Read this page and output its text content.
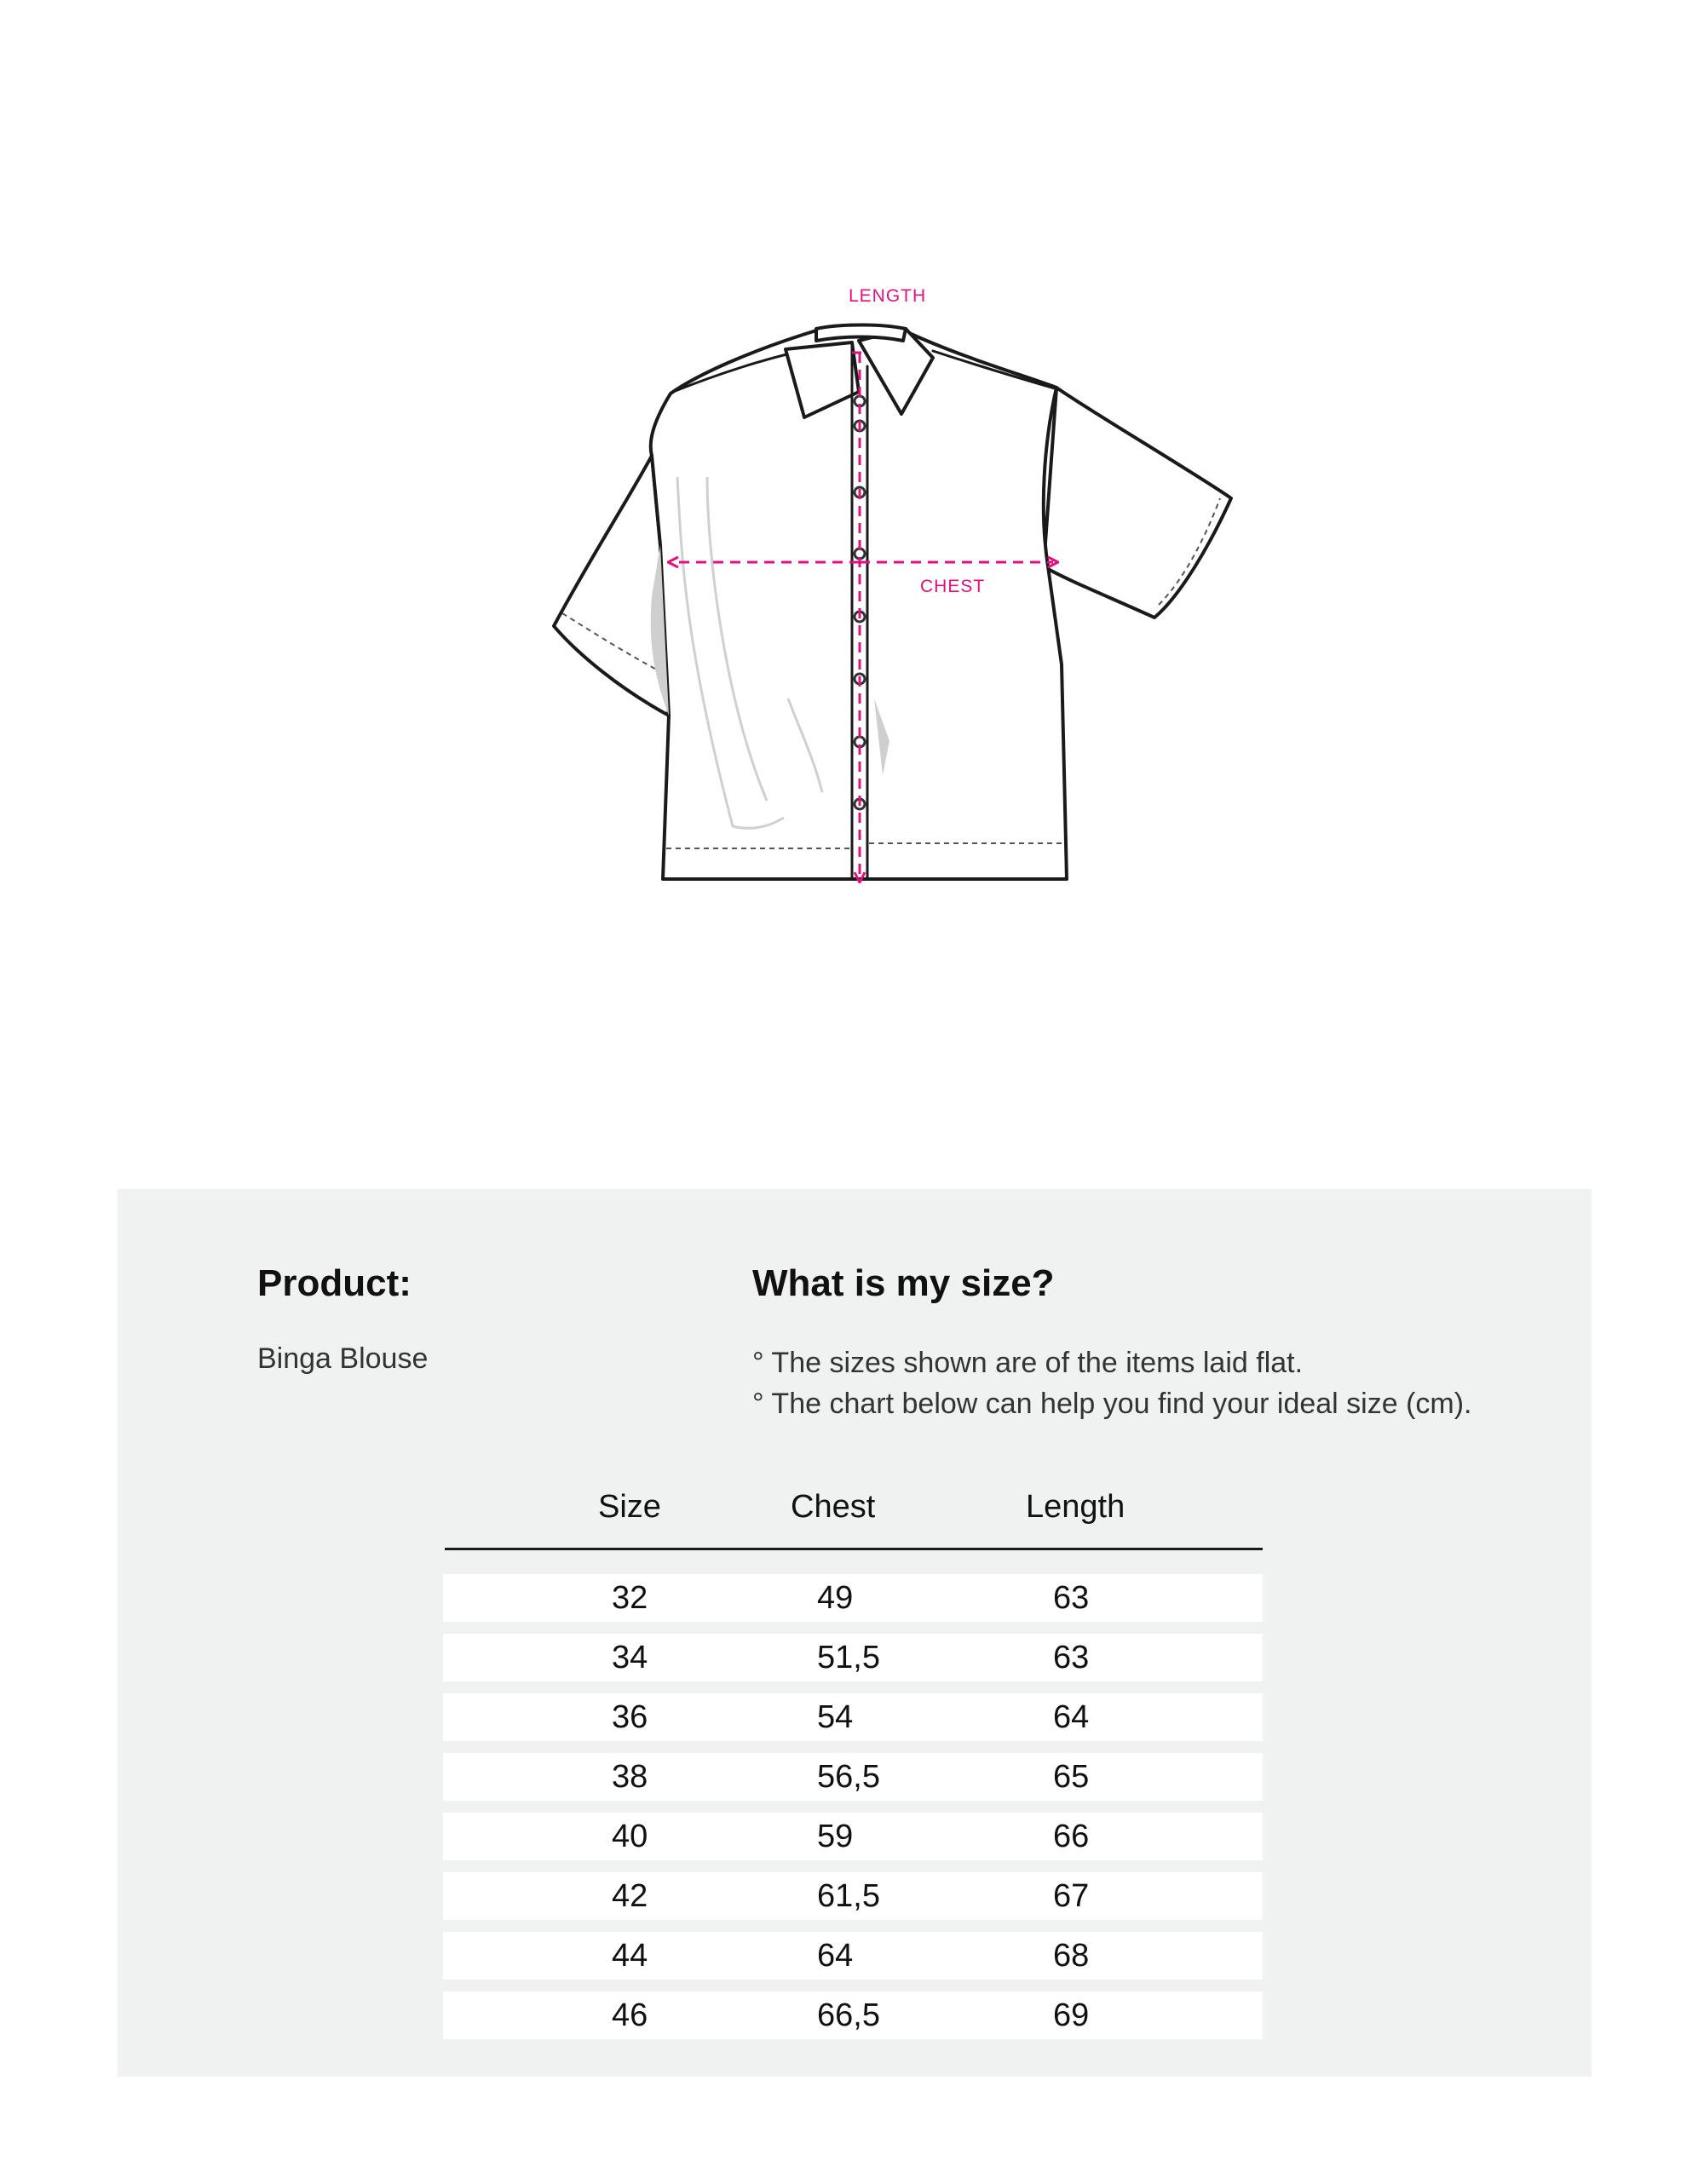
LENGTH
CHEST
Product:
Binga Blouse
What is my size?
° The sizes shown are of the items laid flat.
° The chart below can help you find your ideal size (cm).
Size	Chest	Length
32	49	63
34	51,5	63
36	54	64
38	56,5	65
40	59	66
42	61,5	67
44	64	68
46	66,5	69
